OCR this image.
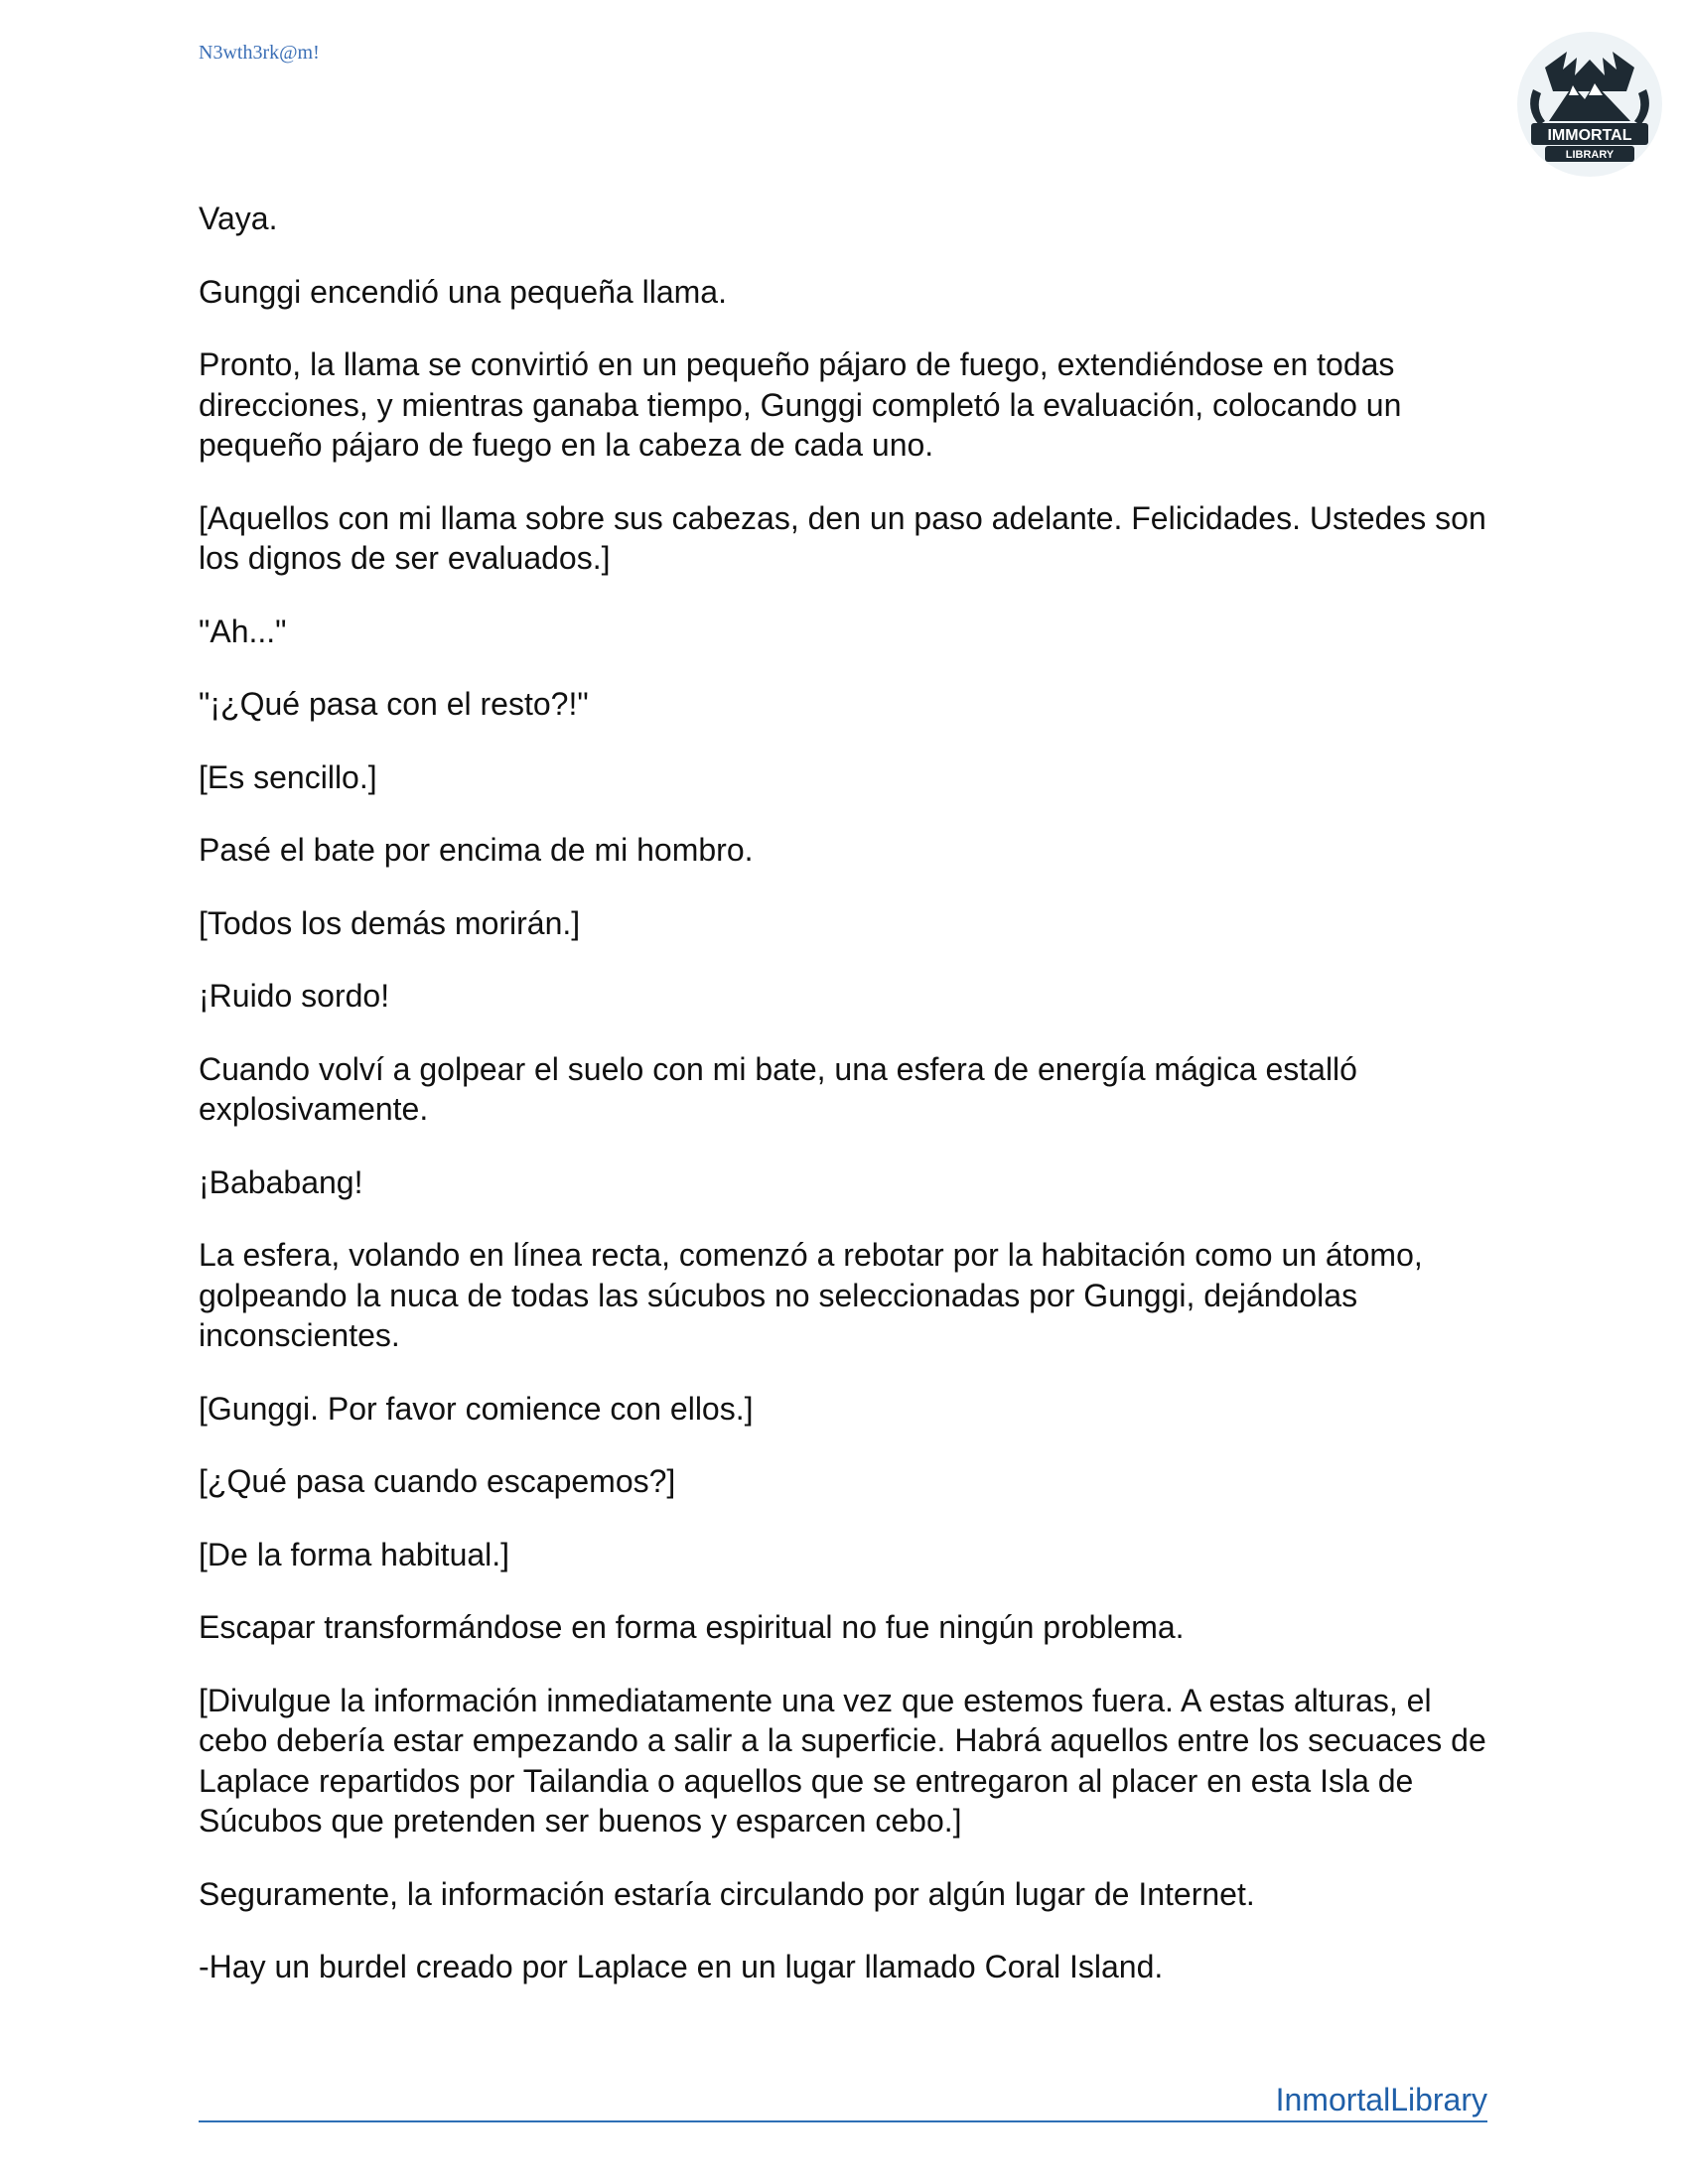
N3wth3rk@m!
IMMORTAL
LIBRARY

Vaya.

Gunggi encendió una pequeña llama.

Pronto, la llama se convirtió en un pequeño pájaro de fuego, extendiéndose en todas direcciones, y mientras ganaba tiempo, Gunggi completó la evaluación, colocando un pequeño pájaro de fuego en la cabeza de cada uno.

[Aquellos con mi llama sobre sus cabezas, den un paso adelante. Felicidades. Ustedes son los dignos de ser evaluados.]

"Ah..."

"¡¿Qué pasa con el resto?!"

[Es sencillo.]

Pasé el bate por encima de mi hombro.

[Todos los demás morirán.]

¡Ruido sordo!

Cuando volví a golpear el suelo con mi bate, una esfera de energía mágica estalló explosivamente.

¡Bababang!

La esfera, volando en línea recta, comenzó a rebotar por la habitación como un átomo, golpeando la nuca de todas las súcubos no seleccionadas por Gunggi, dejándolas inconscientes.

[Gunggi. Por favor comience con ellos.]

[¿Qué pasa cuando escapemos?]

[De la forma habitual.]

Escapar transformándose en forma espiritual no fue ningún problema.

[Divulgue la información inmediatamente una vez que estemos fuera. A estas alturas, el cebo debería estar empezando a salir a la superficie. Habrá aquellos entre los secuaces de Laplace repartidos por Tailandia o aquellos que se entregaron al placer en esta Isla de Súcubos que pretenden ser buenos y esparcen cebo.]

Seguramente, la información estaría circulando por algún lugar de Internet.

-Hay un burdel creado por Laplace en un lugar llamado Coral Island.

InmortalLibrary
